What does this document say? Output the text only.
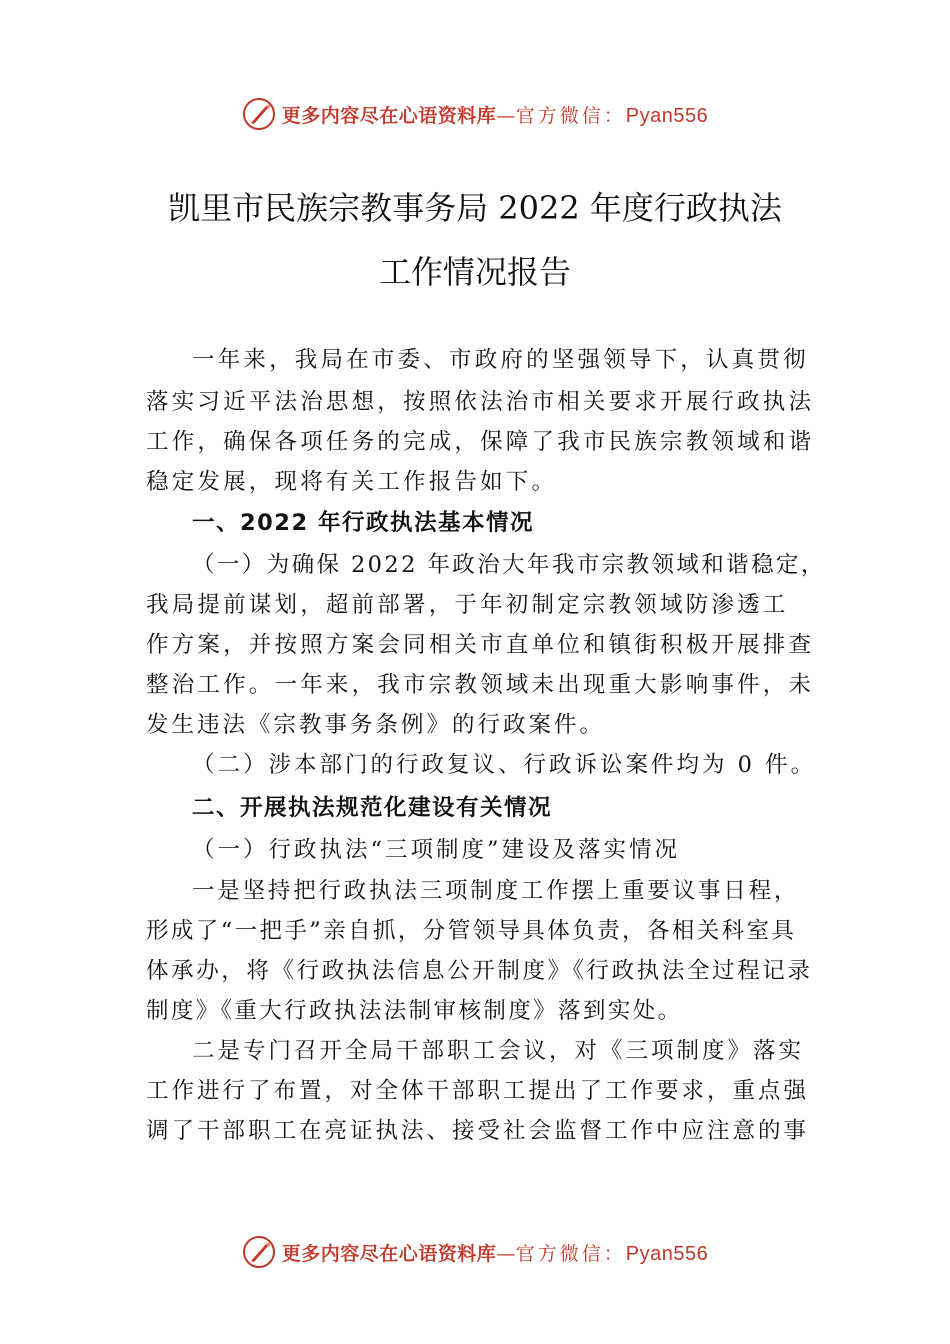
更多内容尽在心语资料库—官方微信：Pyan556
凯里市民族宗教事务局 2022 年度行政执法
工作情况报告
一年来，我局在市委、市政府的坚强领导下，认真贯彻
落实习近平法治思想，按照依法治市相关要求开展行政执法
工作，确保各项任务的完成，保障了我市民族宗教领域和谐
稳定发展，现将有关工作报告如下。
一、2022 年行政执法基本情况
（一）为确保 2022 年政治大年我市宗教领域和谐稳定，
我局提前谋划，超前部署，于年初制定宗教领域防渗透工
作方案，并按照方案会同相关市直单位和镇街积极开展排查
整治工作。一年来，我市宗教领域未出现重大影响事件，未
发生违法《宗教事务条例》的行政案件。
（二）涉本部门的行政复议、行政诉讼案件均为 0 件。
二、开展执法规范化建设有关情况
（一）行政执法“三项制度”建设及落实情况
一是坚持把行政执法三项制度工作摆上重要议事日程，
形成了“一把手”亲自抓，分管领导具体负责，各相关科室具
体承办，将《行政执法信息公开制度》《行政执法全过程记录
制度》《重大行政执法法制审核制度》落到实处。
二是专门召开全局干部职工会议，对《三项制度》落实
工作进行了布置，对全体干部职工提出了工作要求，重点强
调了干部职工在亮证执法、接受社会监督工作中应注意的事
更多内容尽在心语资料库—官方微信：Pyan556
